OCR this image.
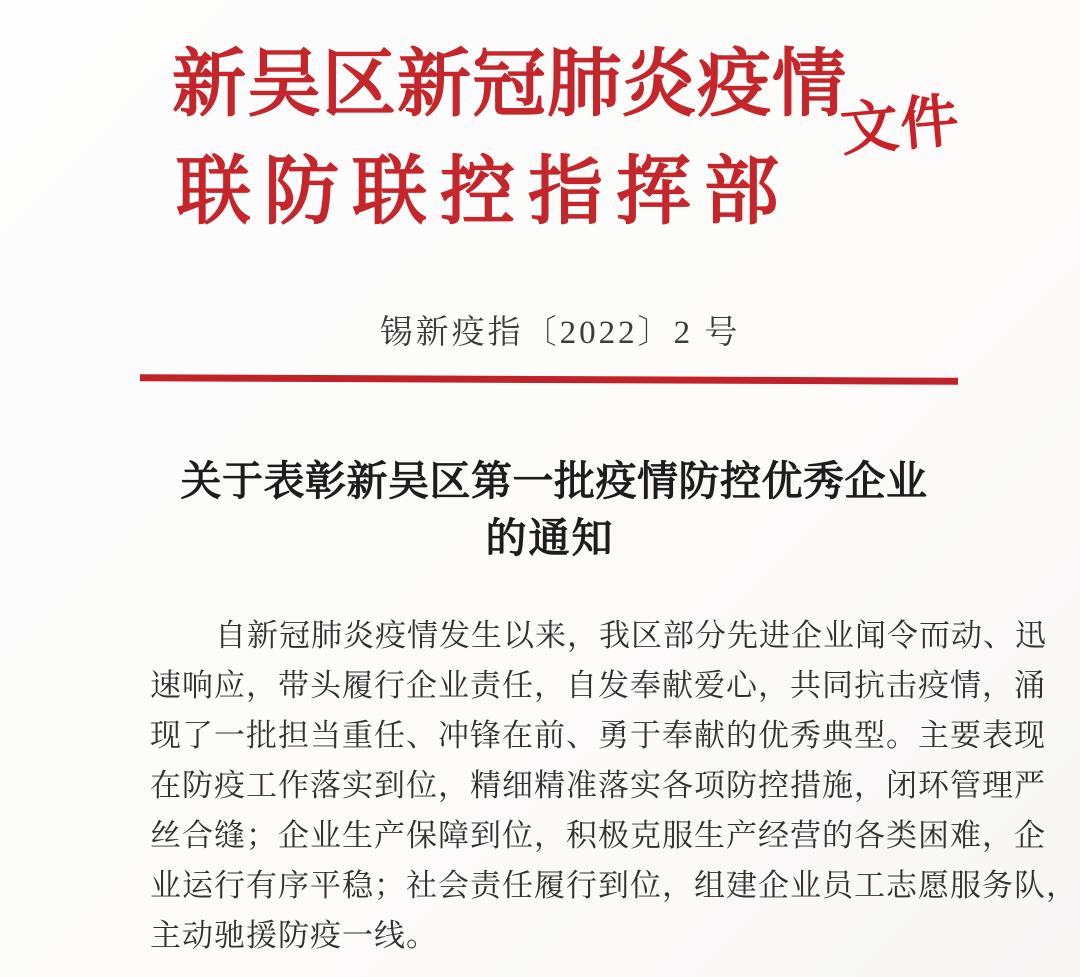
新吴区新冠肺炎疫情
联防联控指挥部
文件
锡新疫指〔2022〕2 号
关于表彰新吴区第一批疫情防控优秀企业
的通知
自新冠肺炎疫情发生以来，我区部分先进企业闻令而动、迅
速响应，带头履行企业责任，自发奉献爱心，共同抗击疫情，涌
现了一批担当重任、冲锋在前、勇于奉献的优秀典型。主要表现
在防疫工作落实到位，精细精准落实各项防控措施，闭环管理严
丝合缝；企业生产保障到位，积极克服生产经营的各类困难，企
业运行有序平稳；社会责任履行到位，组建企业员工志愿服务队，
主动驰援防疫一线。
